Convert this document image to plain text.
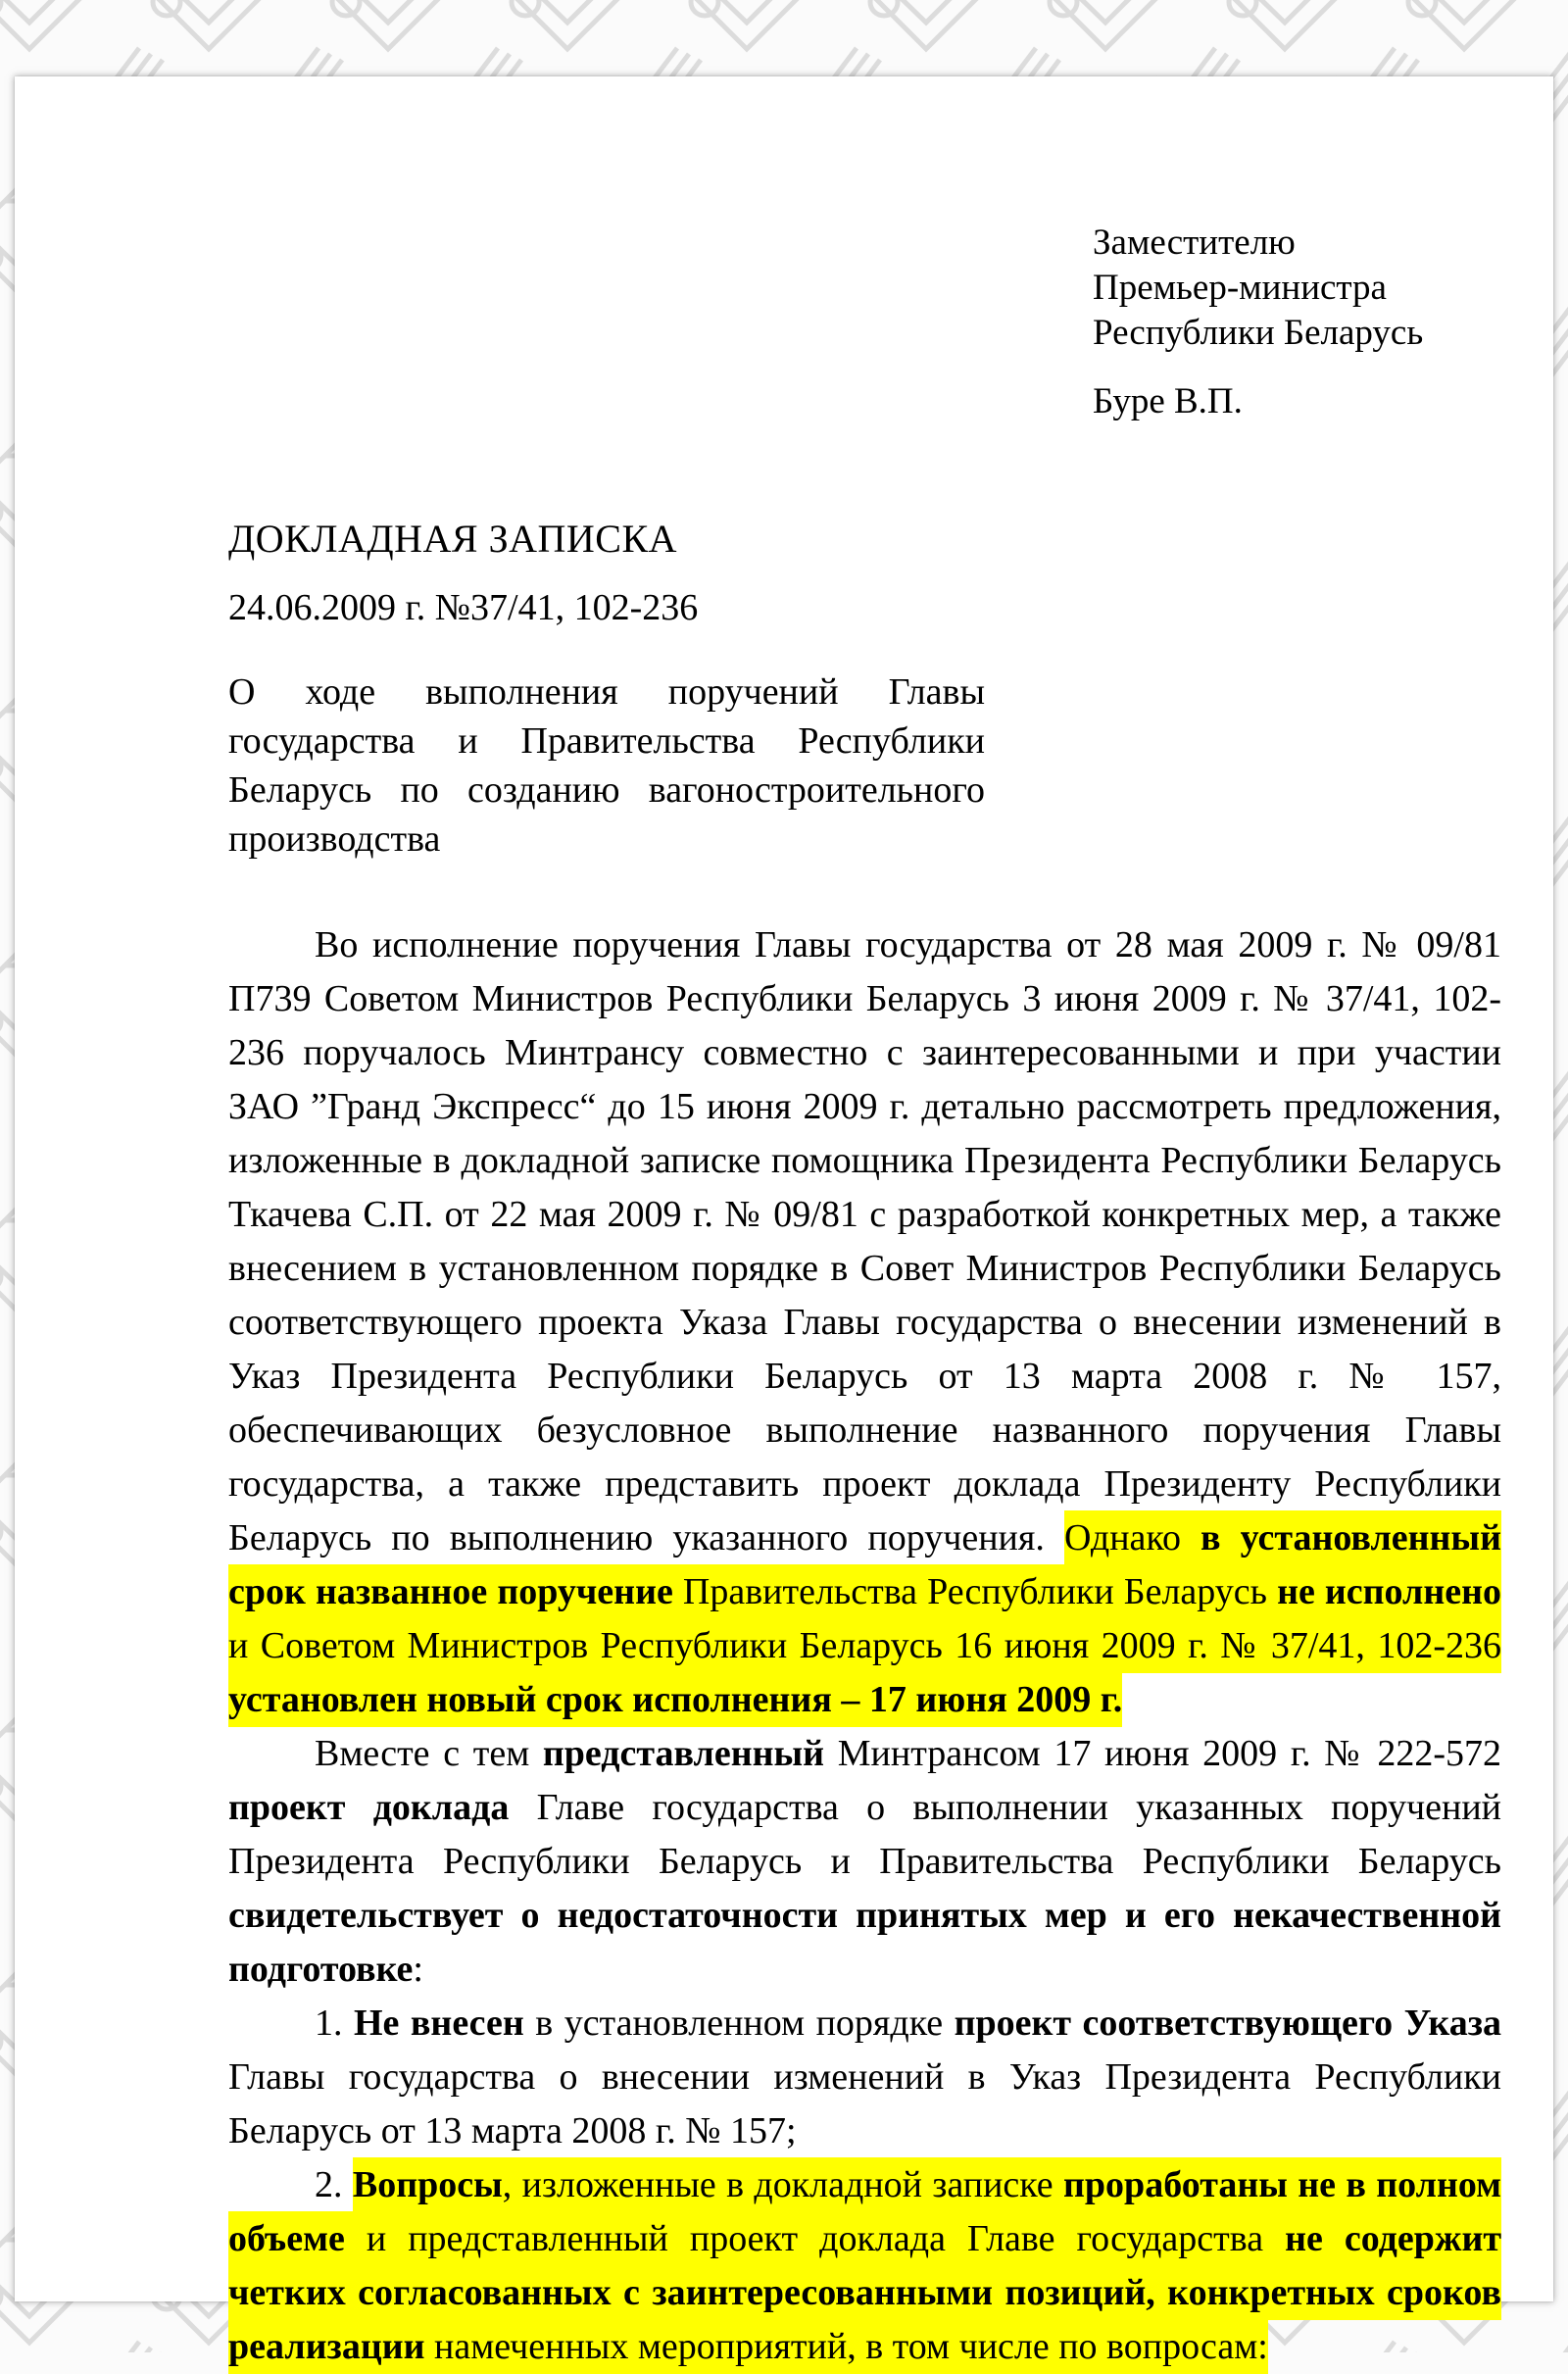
Заместителю
Премьер-министра
Республики Беларусь
Буре В.П.
ДОКЛАДНАЯ ЗАПИСКА
24.06.2009 г. №37/41, 102-236
О ходе выполнения поручений Главы государства и Правительства Республики Беларусь по созданию вагоностроительного производства

Во исполнение поручения Главы государства от 28 мая 2009 г. № 09/81 П739 Советом Министров Республики Беларусь 3 июня 2009 г. № 37/41, 102-236 поручалось Минтрансу совместно с заинтересованными и при участии ЗАО ”Гранд Экспресс“ до 15 июня 2009 г. детально рассмотреть предложения, изложенные в докладной записке помощника Президента Республики Беларусь Ткачева С.П. от 22 мая 2009 г. № 09/81 с разработкой конкретных мер, а также внесением в установленном порядке в Совет Министров Республики Беларусь соответствующего проекта Указа Главы государства о внесении изменений в Указ Президента Республики Беларусь от 13 марта 2008 г. № 157, обеспечивающих безусловное выполнение названного поручения Главы государства, а также представить проект доклада Президенту Республики Беларусь по выполнению указанного поручения. Однако в установленный срок названное поручение Правительства Республики Беларусь не исполнено и Советом Министров Республики Беларусь 16 июня 2009 г. № 37/41, 102-236 установлен новый срок исполнения – 17 июня 2009 г.

Вместе с тем представленный Минтрансом 17 июня 2009 г. № 222-572 проект доклада Главе государства о выполнении указанных поручений Президента Республики Беларусь и Правительства Республики Беларусь свидетельствует о недостаточности принятых мер и его некачественной подготовке:

1. Не внесен в установленном порядке проект соответствующего Указа Главы государства о внесении изменений в Указ Президента Республики Беларусь от 13 марта 2008 г. № 157;

2. Вопросы, изложенные в докладной записке проработаны не в полном объеме и представленный проект доклада Главе государства не содержит четких согласованных с заинтересованными позиций, конкретных сроков реализации намеченных мероприятий, в том числе по вопросам:
